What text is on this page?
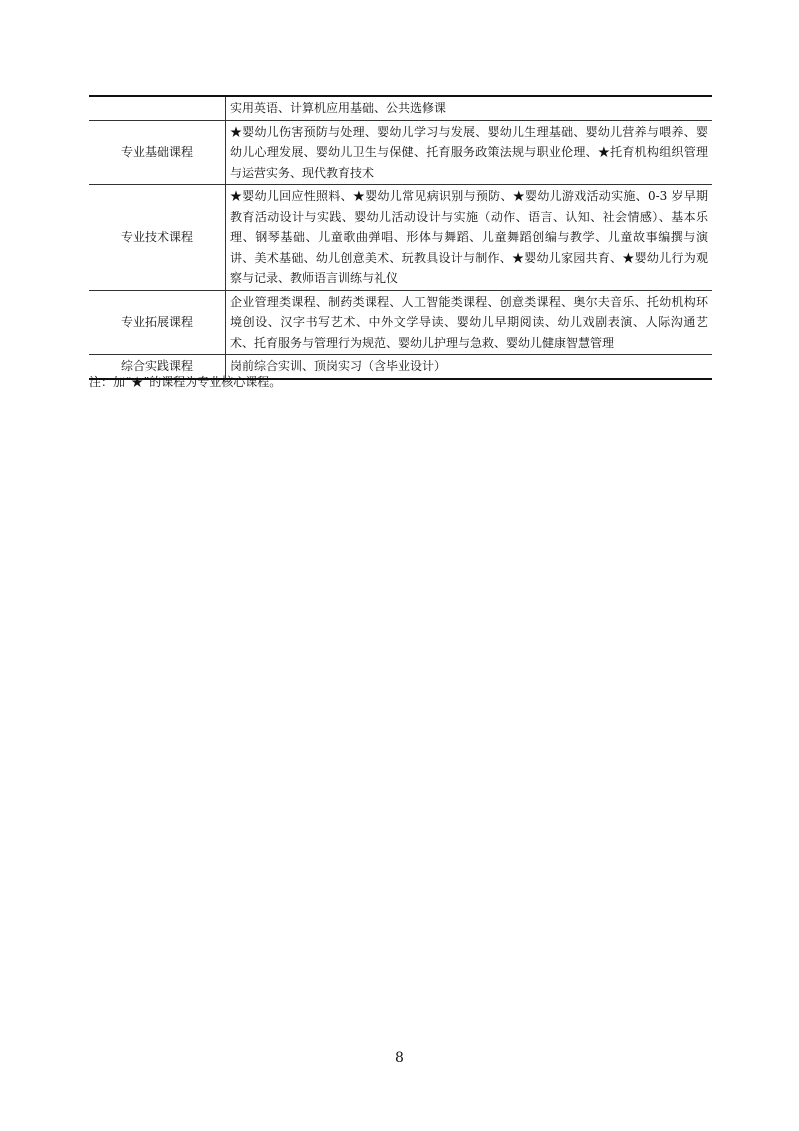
	实用英语、计算机应用基础、公共选修课
专业基础课程	★婴幼儿伤害预防与处理、婴幼儿学习与发展、婴幼儿生理基础、婴幼儿营养与喂养、婴幼儿心理发展、婴幼儿卫生与保健、托育服务政策法规与职业伦理、★托育机构组织管理与运营实务、现代教育技术
专业技术课程	★婴幼儿回应性照料、★婴幼儿常见病识别与预防、★婴幼儿游戏活动实施、0-3 岁早期教育活动设计与实践、婴幼儿活动设计与实施（动作、语言、认知、社会情感）、基本乐理、钢琴基础、儿童歌曲弹唱、形体与舞蹈、儿童舞蹈创编与教学、儿童故事编撰与演讲、美术基础、幼儿创意美术、玩教具设计与制作、★婴幼儿家园共育、★婴幼儿行为观察与记录、教师语言训练与礼仪
专业拓展课程	企业管理类课程、制药类课程、人工智能类课程、创意类课程、奥尔夫音乐、托幼机构环境创设、汉字书写艺术、中外文学导读、婴幼儿早期阅读、幼儿戏剧表演、人际沟通艺术、托育服务与管理行为规范、婴幼儿护理与急救、婴幼儿健康智慧管理
综合实践课程	岗前综合实训、顶岗实习（含毕业设计）
注：加“★”的课程为专业核心课程。
8
